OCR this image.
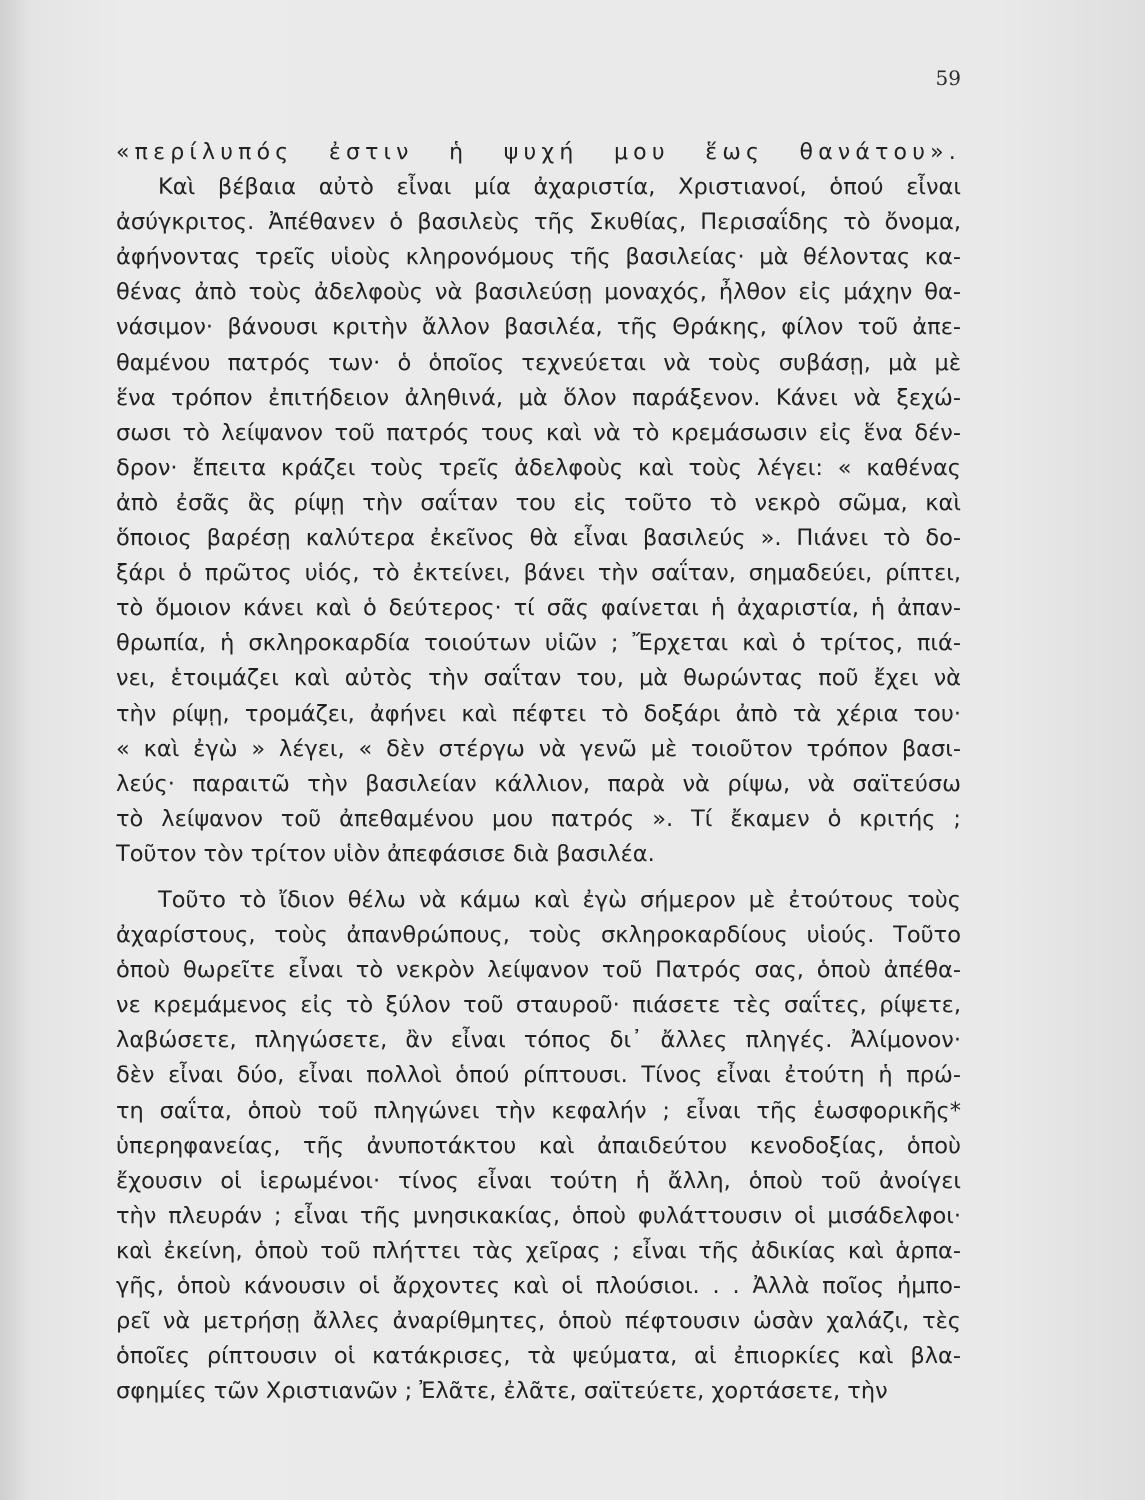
59
«περίλυπός ἐστιν ἡ ψυχή μου ἕως θανάτου».
Καὶ βέβαια αὐτὸ εἶναι μία ἀχαριστία, Χριστιανοί, ὁπού εἶναι
ἀσύγκριτος. Ἀπέθανεν ὁ βασιλεὺς τῆς Σκυθίας, Περισαΐδης τὸ ὄνομα,
ἀφήνοντας τρεῖς υἱοὺς κληρονόμους τῆς βασιλείας· μὰ θέλοντας κα-
θένας ἀπὸ τοὺς ἀδελφοὺς νὰ βασιλεύσῃ μοναχός, ἦλθον εἰς μάχην θα-
νάσιμον· βάνουσι κριτὴν ἄλλον βασιλέα, τῆς Θράκης, φίλον τοῦ ἀπε-
θαμένου πατρός των· ὁ ὁποῖος τεχνεύεται νὰ τοὺς συβάσῃ, μὰ μὲ
ἕνα τρόπον ἐπιτήδειον ἀληθινά, μὰ ὅλον παράξενον. Κάνει νὰ ξεχώ-
σωσι τὸ λείψανον τοῦ πατρός τους καὶ νὰ τὸ κρεμάσωσιν εἰς ἕνα δέν-
δρον· ἔπειτα κράζει τοὺς τρεῖς ἀδελφοὺς καὶ τοὺς λέγει: « καθένας
ἀπὸ ἐσᾶς ἂς ρίψῃ τὴν σαΐταν του εἰς τοῦτο τὸ νεκρὸ σῶμα, καὶ
ὅποιος βαρέσῃ καλύτερα ἐκεῖνος θὰ εἶναι βασιλεύς ». Πιάνει τὸ δο-
ξάρι ὁ πρῶτος υἱός, τὸ ἐκτείνει, βάνει τὴν σαΐταν, σημαδεύει, ρίπτει,
τὸ ὅμοιον κάνει καὶ ὁ δεύτερος· τί σᾶς φαίνεται ἡ ἀχαριστία, ἡ ἀπαν-
θρωπία, ἡ σκληροκαρδία τοιούτων υἱῶν ; Ἔρχεται καὶ ὁ τρίτος, πιά-
νει, ἑτοιμάζει καὶ αὐτὸς τὴν σαΐταν του, μὰ θωρώντας ποῦ ἔχει νὰ
τὴν ρίψῃ, τρομάζει, ἀφήνει καὶ πέφτει τὸ δοξάρι ἀπὸ τὰ χέρια του·
« καὶ ἐγὼ » λέγει, « δὲν στέργω νὰ γενῶ μὲ τοιοῦτον τρόπον βασι-
λεύς· παραιτῶ τὴν βασιλείαν κάλλιον, παρὰ νὰ ρίψω, νὰ σαϊτεύσω
τὸ λείψανον τοῦ ἀπεθαμένου μου πατρός ». Τί ἔκαμεν ὁ κριτής ;
Τοῦτον τὸν τρίτον υἱὸν ἀπεφάσισε διὰ βασιλέα.
Τοῦτο τὸ ἴδιον θέλω νὰ κάμω καὶ ἐγὼ σήμερον μὲ ἐτούτους τοὺς
ἀχαρίστους, τοὺς ἀπανθρώπους, τοὺς σκληροκαρδίους υἱούς. Τοῦτο
ὁποὺ θωρεῖτε εἶναι τὸ νεκρὸν λείψανον τοῦ Πατρός σας, ὁποὺ ἀπέθα-
νε κρεμάμενος εἰς τὸ ξύλον τοῦ σταυροῦ· πιάσετε τὲς σαΐτες, ρίψετε,
λαβώσετε, πληγώσετε, ἂν εἶναι τόπος δι᾽ ἄλλες πληγές. Ἀλίμονον·
δὲν εἶναι δύο, εἶναι πολλοὶ ὁπού ρίπτουσι. Τίνος εἶναι ἐτούτη ἡ πρώ-
τη σαΐτα, ὁποὺ τοῦ πληγώνει τὴν κεφαλήν ; εἶναι τῆς ἑωσφορικῆς*
ὑπερηφανείας, τῆς ἀνυποτάκτου καὶ ἀπαιδεύτου κενοδοξίας, ὁποὺ
ἔχουσιν οἱ ἱερωμένοι· τίνος εἶναι τούτη ἡ ἄλλη, ὁποὺ τοῦ ἀνοίγει
τὴν πλευράν ; εἶναι τῆς μνησικακίας, ὁποὺ φυλάττουσιν οἱ μισάδελφοι·
καὶ ἐκείνη, ὁποὺ τοῦ πλήττει τὰς χεῖρας ; εἶναι τῆς ἀδικίας καὶ ἁρπα-
γῆς, ὁποὺ κάνουσιν οἱ ἄρχοντες καὶ οἱ πλούσιοι. . . Ἀλλὰ ποῖος ἠμπο-
ρεῖ νὰ μετρήσῃ ἄλλες ἀναρίθμητες, ὁποὺ πέφτουσιν ὡσὰν χαλάζι, τὲς
ὁποῖες ρίπτουσιν οἱ κατάκρισες, τὰ ψεύματα, αἱ ἐπιορκίες καὶ βλα-
σφημίες τῶν Χριστιανῶν ; Ἐλᾶτε, ἐλᾶτε, σαϊτεύετε, χορτάσετε, τὴν
